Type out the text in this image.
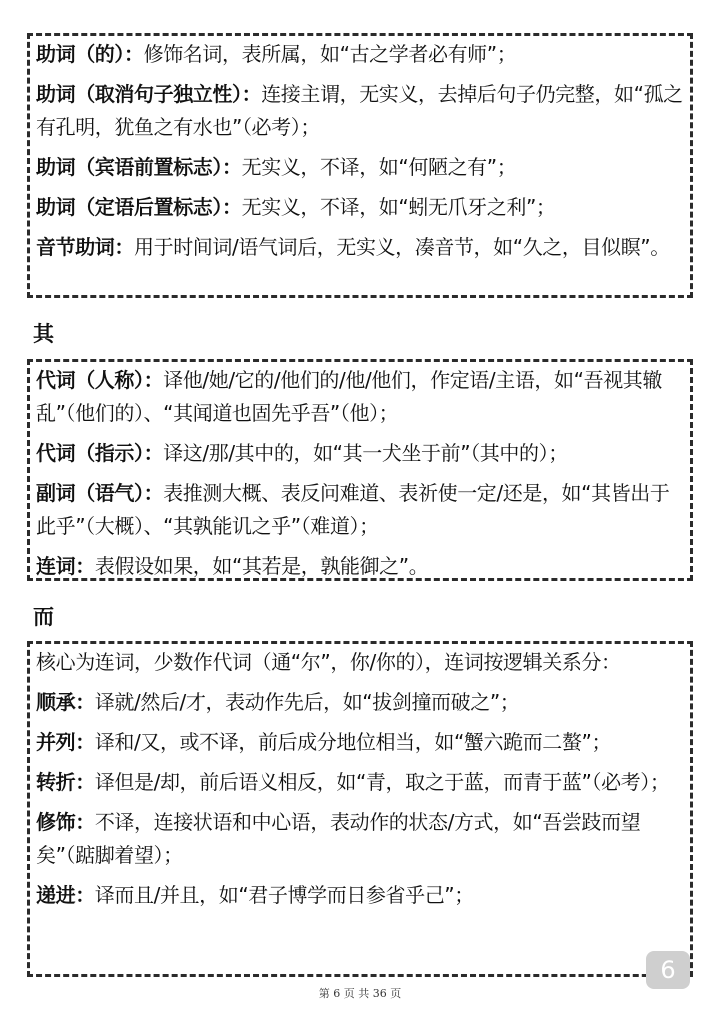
助词（的）：修饰名词，表所属，如“古之学者必有师”；
助词（取消句子独立性）：连接主谓，无实义，去掉后句子仍完整，如“孤之有孔明，犹鱼之有水也”（必考）；
助词（宾语前置标志）：无实义，不译，如“何陋之有”；
助词（定语后置标志）：无实义，不译，如“蚓无爪牙之利”；
音节助词：用于时间词/语气词后，无实义，凑音节，如“久之，目似瞑”。
其
代词（人称）：译他/她/它的/他们的/他/他们，作定语/主语，如“吾视其辙乱”（他们的）、“其闻道也固先乎吾”（他）；
代词（指示）：译这/那/其中的，如“其一犬坐于前”（其中的）；
副词（语气）：表推测大概、表反问难道、表祈使一定/还是，如“其皆出于此乎”（大概）、“其孰能讥之乎”（难道）；
连词：表假设如果，如“其若是，孰能御之”。
而
核心为连词，少数作代词（通“尔”，你/你的），连词按逻辑关系分：
顺承：译就/然后/才，表动作先后，如“拔剑撞而破之”；
并列：译和/又，或不译，前后成分地位相当，如“蟹六跪而二螯”；
转折：译但是/却，前后语义相反，如“青，取之于蓝，而青于蓝”（必考）；
修饰：不译，连接状语和中心语，表动作的状态/方式，如“吾尝跂而望矣”（踮脚着望）；
递进：译而且/并且，如“君子博学而日参省乎己”；
6
第 6 页 共 36 页
